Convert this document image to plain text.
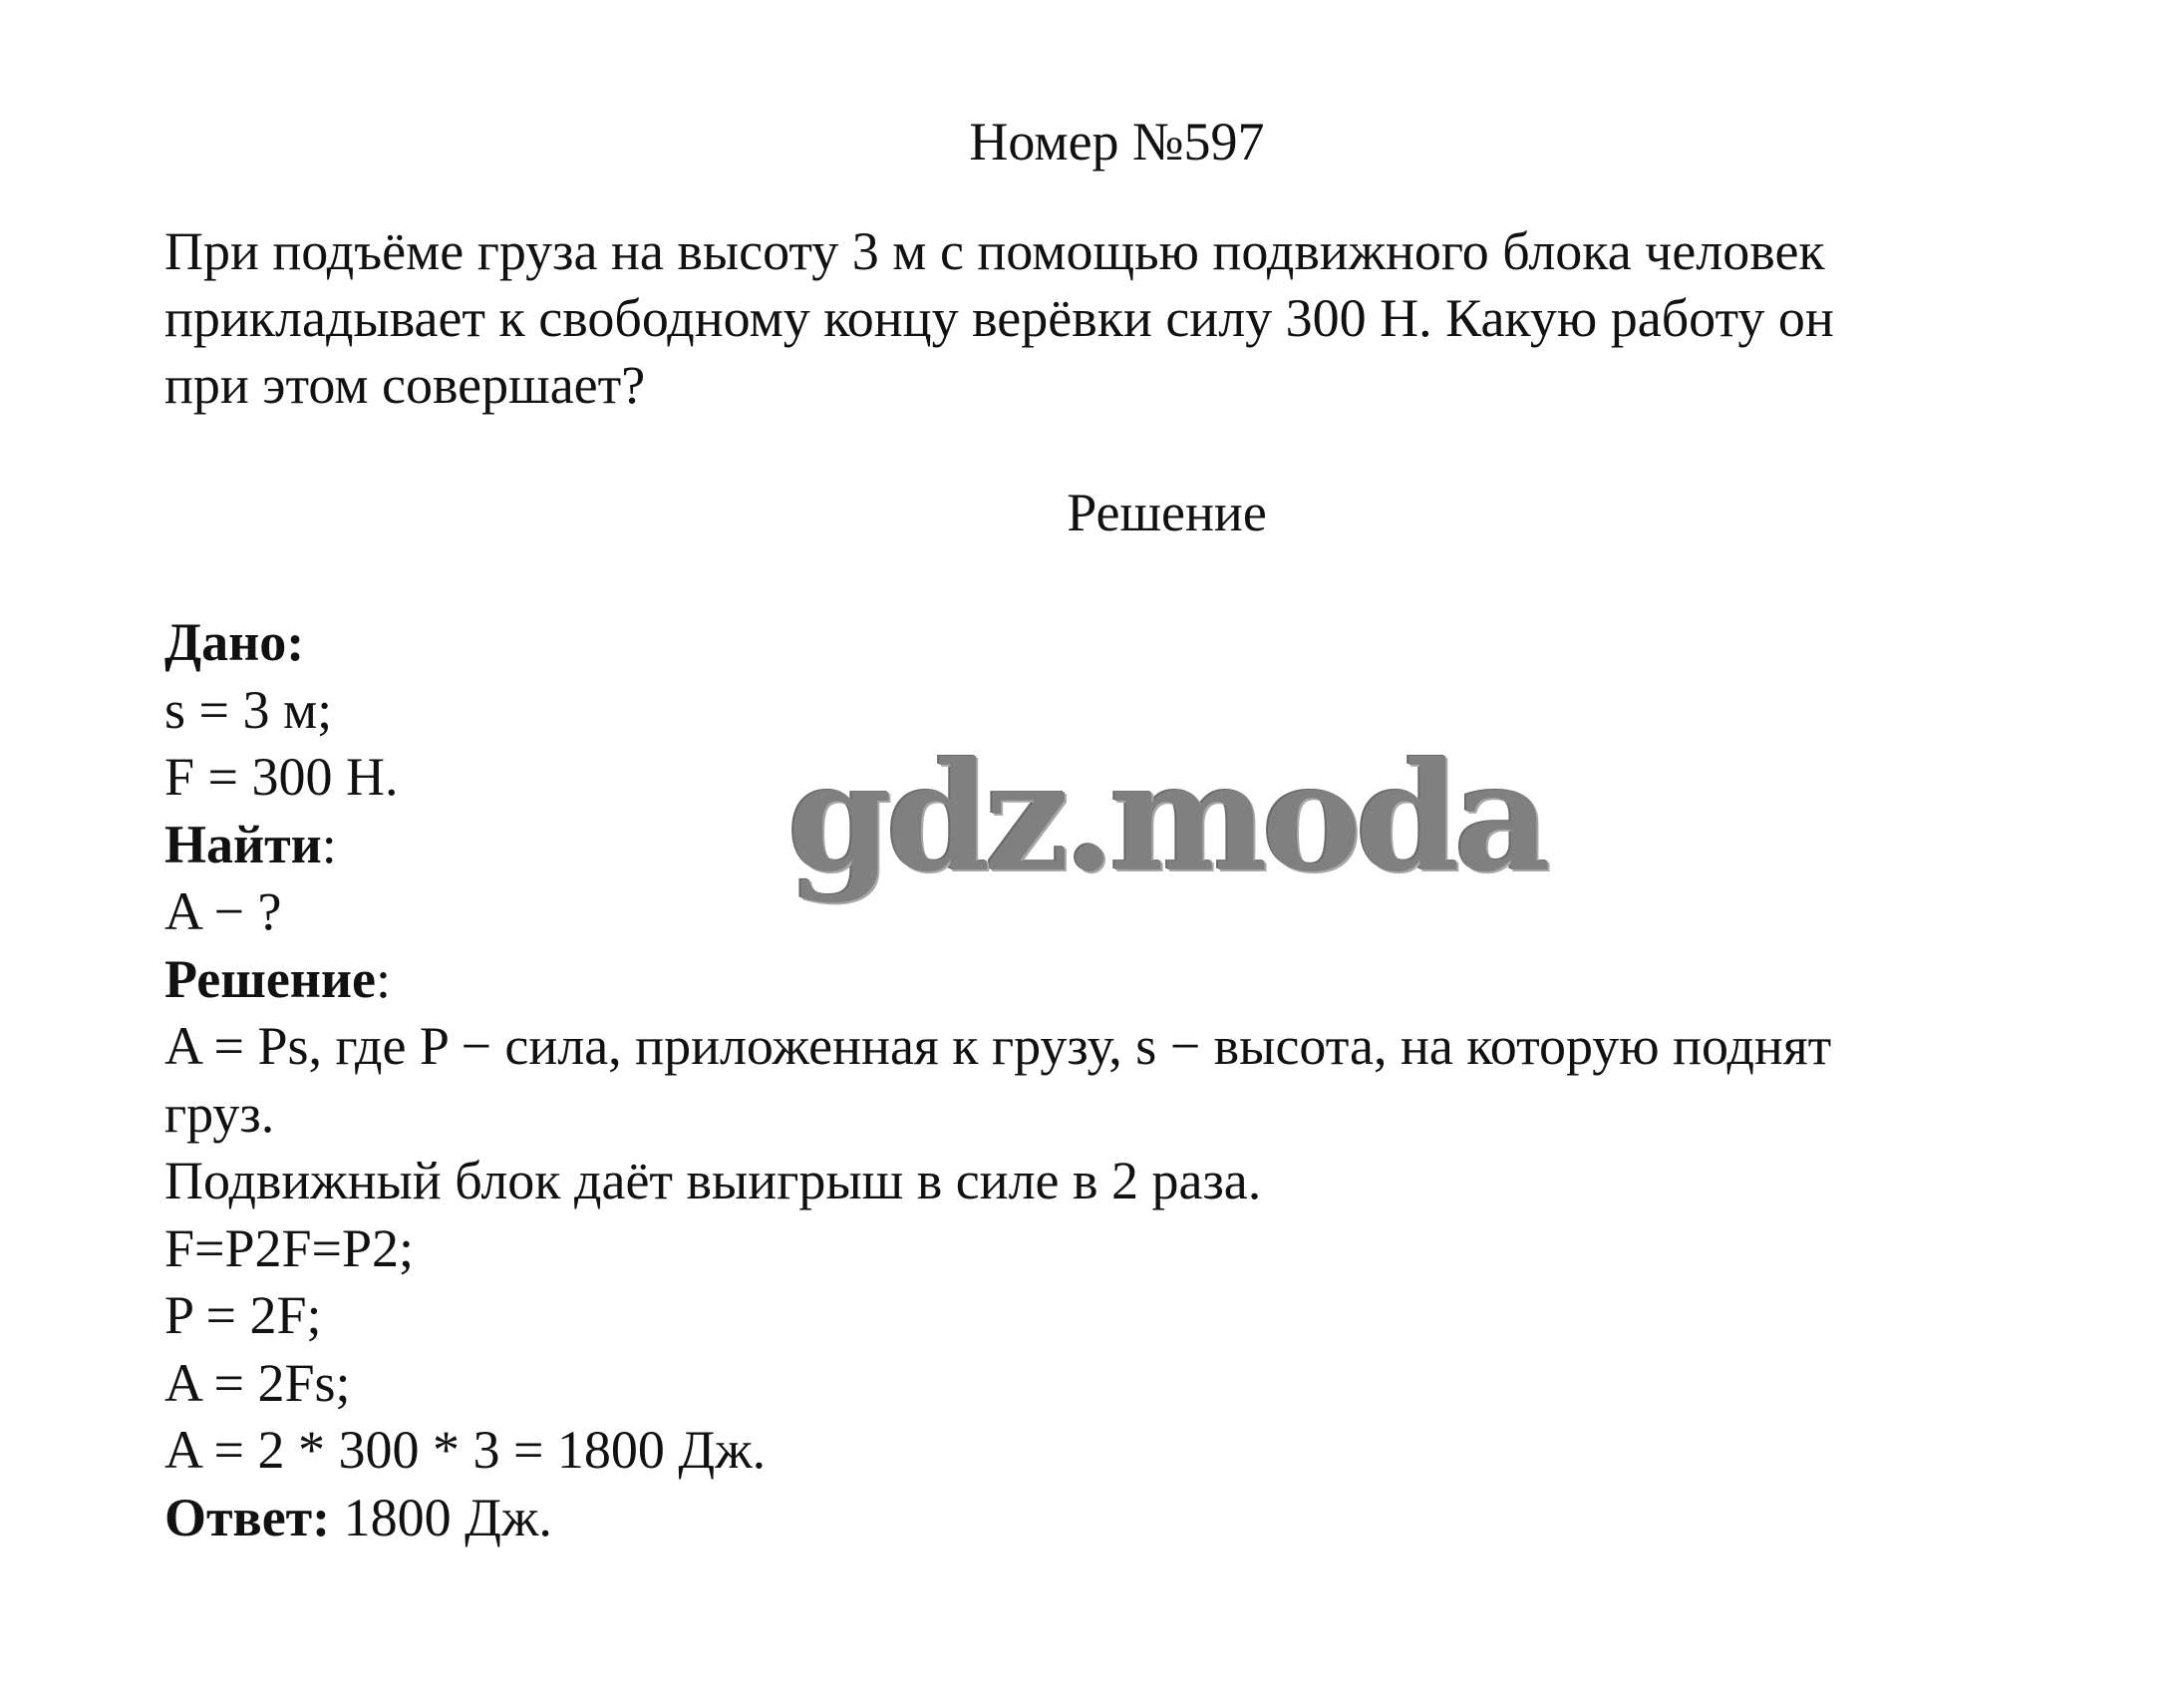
Номер №597
При подъёме груза на высоту 3 м с помощью подвижного блока человек
прикладывает к свободному концу верёвки силу 300 Н. Какую работу он
при этом совершает?
Решение
Дано:
s = 3 м;
F = 300 Н.
Найти:
A − ?
Решение:
A = Ps, где P − сила, приложенная к грузу, s − высота, на которую поднят
груз.
Подвижный блок даёт выигрыш в силе в 2 раза.
F=P2F=P2;
P = 2F;
A = 2Fs;
A = 2 * 300 * 3 = 1800 Дж.
Ответ: 1800 Дж.
gdz.moda
